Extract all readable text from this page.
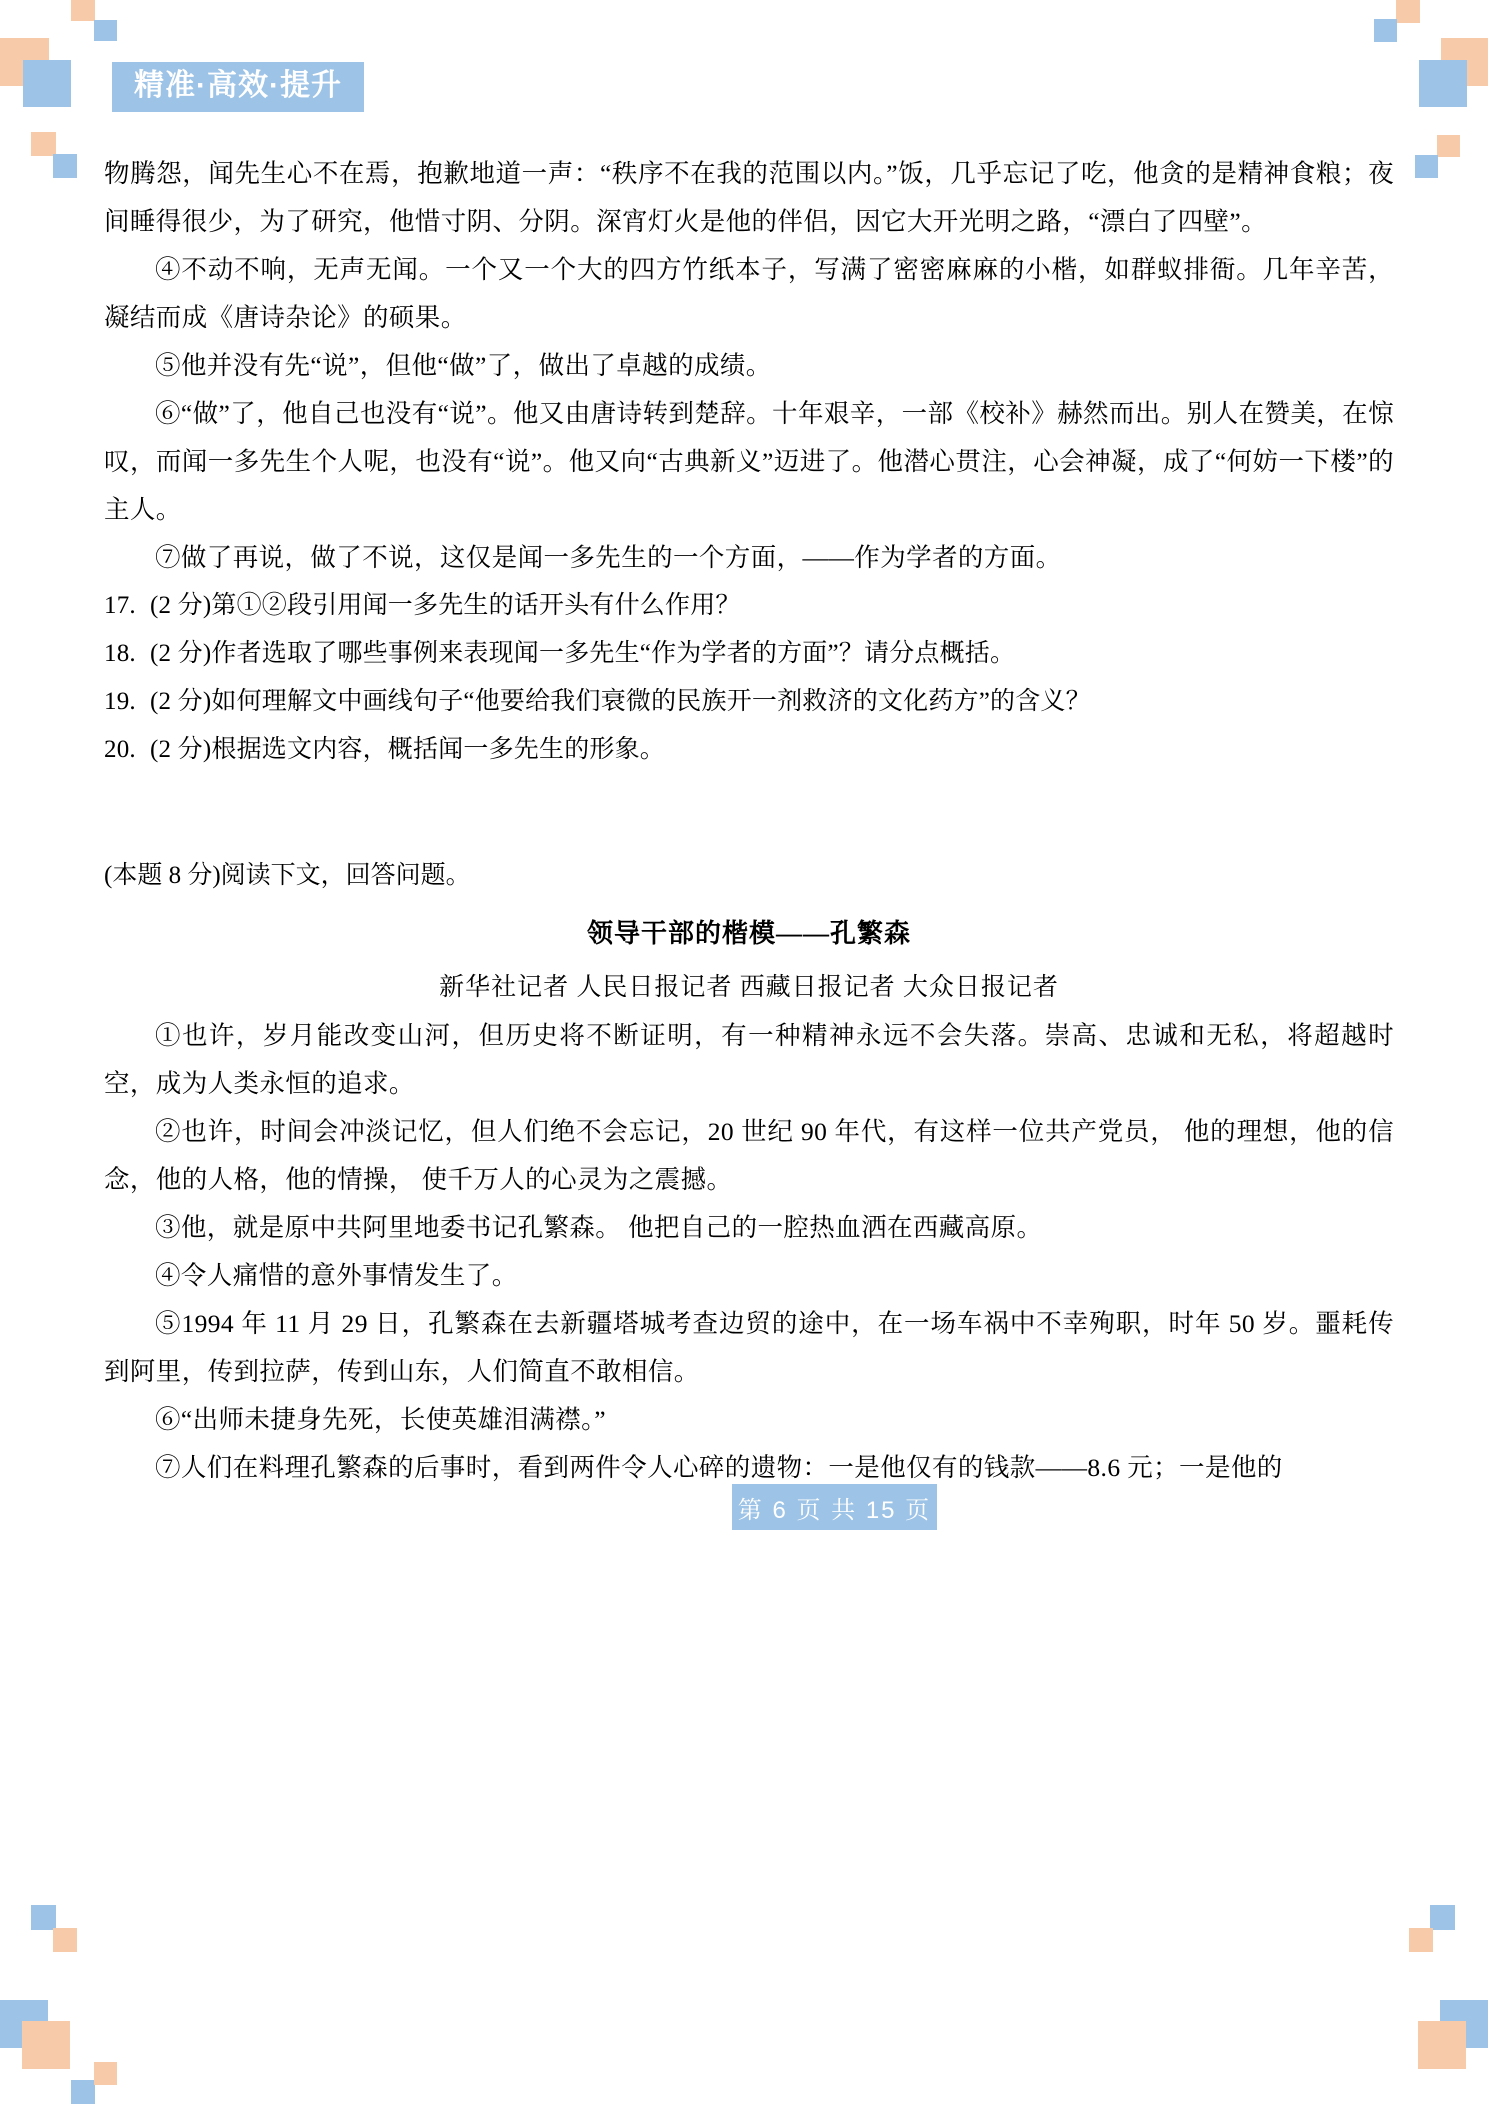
精准·高效·提升

物腾怨，闻先生心不在焉，抱歉地道一声：“秩序不在我的范围以内。”饭，几乎忘记了吃，他贪的是精神食粮；夜间睡得很少，为了研究，他惜寸阴、分阴。深宵灯火是他的伴侣，因它大开光明之路，“漂白了四壁”。

④不动不响，无声无闻。一个又一个大的四方竹纸本子，写满了密密麻麻的小楷，如群蚁排衙。几年辛苦，凝结而成《唐诗杂论》的硕果。

⑤他并没有先“说”，但他“做”了，做出了卓越的成绩。

⑥“做”了，他自己也没有“说”。他又由唐诗转到楚辞。十年艰辛，一部《校补》赫然而出。别人在赞美，在惊叹，而闻一多先生个人呢，也没有“说”。他又向“古典新义”迈进了。他潜心贯注，心会神凝，成了“何妨一下楼”的主人。

⑦做了再说，做了不说，这仅是闻一多先生的一个方面，——作为学者的方面。

17. (2 分)第①②段引用闻一多先生的话开头有什么作用？
18. (2 分)作者选取了哪些事例来表现闻一多先生“作为学者的方面”？请分点概括。
19. (2 分)如何理解文中画线句子“他要给我们衰微的民族开一剂救济的文化药方”的含义？
20. (2 分)根据选文内容，概括闻一多先生的形象。

(本题 8 分)阅读下文，回答问题。

领导干部的楷模——孔繁森

新华社记者 人民日报记者 西藏日报记者 大众日报记者

①也许，岁月能改变山河，但历史将不断证明，有一种精神永远不会失落。崇高、忠诚和无私，将超越时空，成为人类永恒的追求。

②也许，时间会冲淡记忆，但人们绝不会忘记，20 世纪 90 年代，有这样一位共产党员， 他的理想，他的信念，他的人格，他的情操， 使千万人的心灵为之震撼。

③他，就是原中共阿里地委书记孔繁森。 他把自己的一腔热血洒在西藏高原。

④令人痛惜的意外事情发生了。

⑤1994 年 11 月 29 日，孔繁森在去新疆塔城考查边贸的途中，在一场车祸中不幸殉职，时年 50 岁。噩耗传到阿里，传到拉萨，传到山东，人们简直不敢相信。

⑥“出师未捷身先死，长使英雄泪满襟。”

⑦人们在料理孔繁森的后事时，看到两件令人心碎的遗物：一是他仅有的钱款——8.6 元；一是他的

第 6 页 共 15 页
